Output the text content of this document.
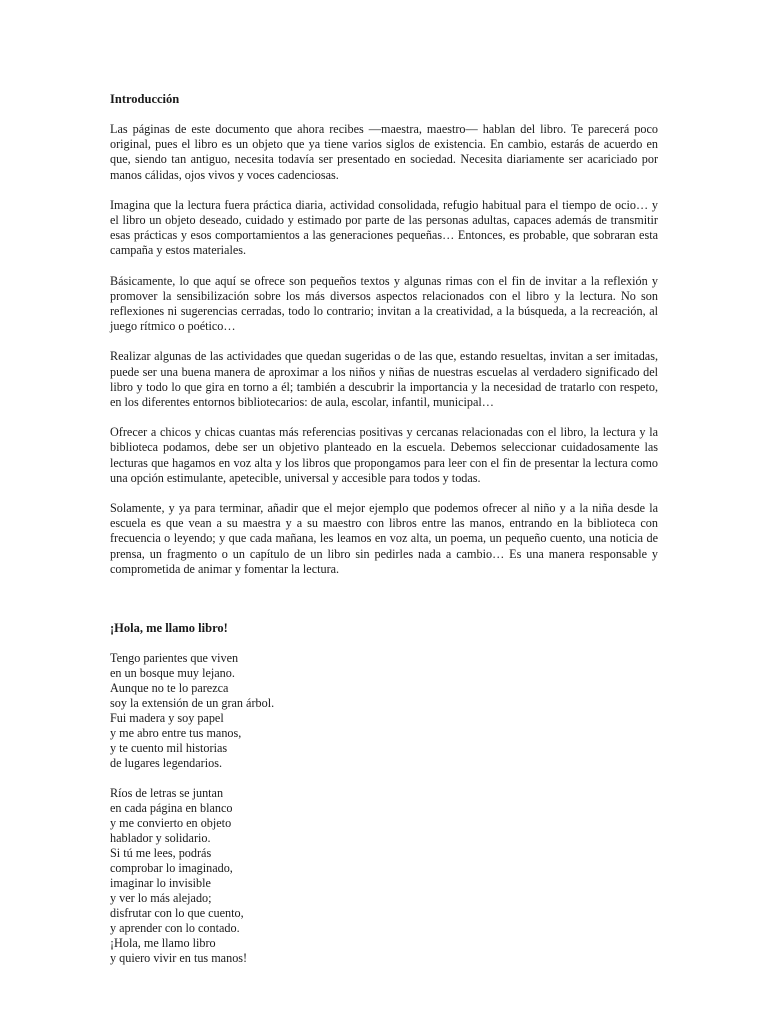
Introducción

Las páginas de este documento que ahora recibes —maestra, maestro— hablan del libro. Te parecerá poco original, pues el libro es un objeto que ya tiene varios siglos de existencia. En cambio, estarás de acuerdo en que, siendo tan antiguo, necesita todavía ser presentado en sociedad. Necesita diariamente ser acariciado por manos cálidas, ojos vivos y voces cadenciosas.

Imagina que la lectura fuera práctica diaria, actividad consolidada, refugio habitual para el tiempo de ocio… y el libro un objeto deseado, cuidado y estimado por parte de las personas adultas, capaces además de transmitir esas prácticas y esos comportamientos a las generaciones pequeñas… Entonces, es probable, que sobraran esta campaña y estos materiales.

Básicamente, lo que aquí se ofrece son pequeños textos y algunas rimas con el fin de invitar a la reflexión y promover la sensibilización sobre los más diversos aspectos relacionados con el libro y la lectura. No son reflexiones ni sugerencias cerradas, todo lo contrario; invitan a la creatividad, a la búsqueda, a la recreación, al juego rítmico o poético…

Realizar algunas de las actividades que quedan sugeridas o de las que, estando resueltas, invitan a ser imitadas, puede ser una buena manera de aproximar a los niños y niñas de nuestras escuelas al verdadero significado del libro y todo lo que gira en torno a él; también a descubrir la importancia y la necesidad de tratarlo con respeto, en los diferentes entornos bibliotecarios: de aula, escolar, infantil, municipal…

Ofrecer a chicos y chicas cuantas más referencias positivas y cercanas relacionadas con el libro, la lectura y la biblioteca podamos, debe ser un objetivo planteado en la escuela. Debemos seleccionar cuidadosamente las lecturas que hagamos en voz alta y los libros que propongamos para leer con el fin de presentar la lectura como una opción estimulante, apetecible, universal y accesible para todos y todas.

Solamente, y ya para terminar, añadir que el mejor ejemplo que podemos ofrecer al niño y a la niña desde la escuela es que vean a su maestra y a su maestro con libros entre las manos, entrando en la biblioteca con frecuencia o leyendo; y que cada mañana, les leamos en voz alta, un poema, un pequeño cuento, una noticia de prensa, un fragmento o un capítulo de un libro sin pedirles nada a cambio… Es una manera responsable y comprometida de animar y fomentar la lectura.

¡Hola, me llamo libro!
Tengo parientes que viven
en un bosque muy lejano.
Aunque no te lo parezca
soy la extensión de un gran árbol.
Fui madera y soy papel
y me abro entre tus manos,
y te cuento mil historias
de lugares legendarios.
Ríos de letras se juntan
en cada página en blanco
y me convierto en objeto
hablador y solidario.
Si tú me lees, podrás
comprobar lo imaginado,
imaginar lo invisible
y ver lo más alejado;
disfrutar con lo que cuento,
y aprender con lo contado.
¡Hola, me llamo libro
y quiero vivir en tus manos!
